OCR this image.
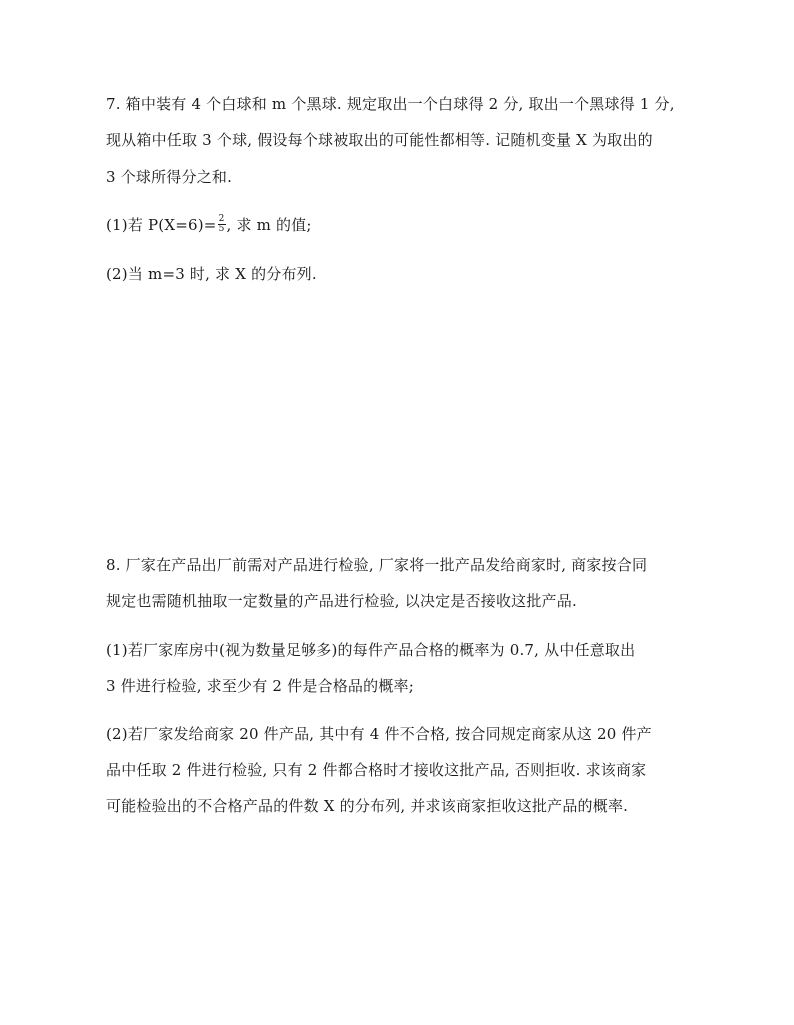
7. 箱中装有 4 个白球和 m 个黑球. 规定取出一个白球得 2 分, 取出一个黑球得 1 分,
现从箱中任取 3 个球, 假设每个球被取出的可能性都相等. 记随机变量 X 为取出的
3 个球所得分之和.
(1)若 $P(X=6)= \frac{2}{5}$ , 求 m 的值;
(2)当 m=3 时, 求 X 的分布列.
8. 厂家在产品出厂前需对产品进行检验, 厂家将一批产品发给商家时, 商家按合同
规定也需随机抽取一定数量的产品进行检验, 以决定是否接收这批产品.
(1)若厂家库房中(视为数量足够多)的每件产品合格的概率为 0.7, 从中任意取出
3 件进行检验, 求至少有 2 件是合格品的概率;
(2)若厂家发给商家 20 件产品, 其中有 4 件不合格, 按合同规定商家从这 20 件产
品中任取 2 件进行检验, 只有 2 件都合格时才接收这批产品, 否则拒收. 求该商家
可能检验出的不合格产品的件数 X 的分布列, 并求该商家拒收这批产品的概率.
